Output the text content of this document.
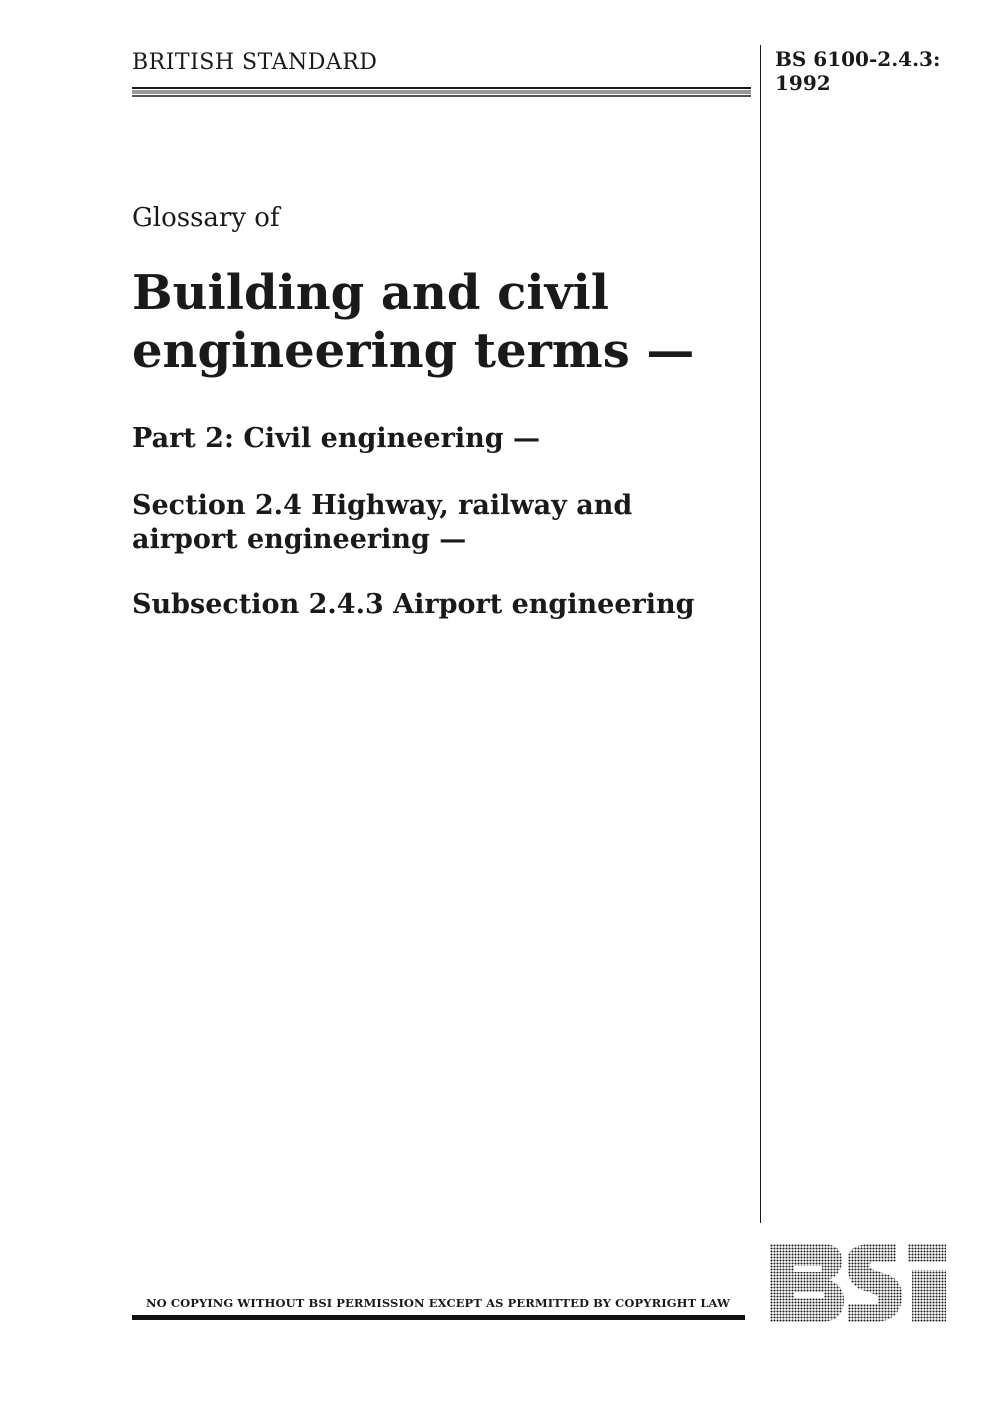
BRITISH STANDARD	BS 6100-2.4.3:
1992
Glossary of
Building and civil
engineering terms —
Part 2: Civil engineering —
Section 2.4 Highway, railway and
airport engineering —
Subsection 2.4.3 Airport engineering
NO COPYING WITHOUT BSI PERMISSION EXCEPT AS PERMITTED BY COPYRIGHT LAW
